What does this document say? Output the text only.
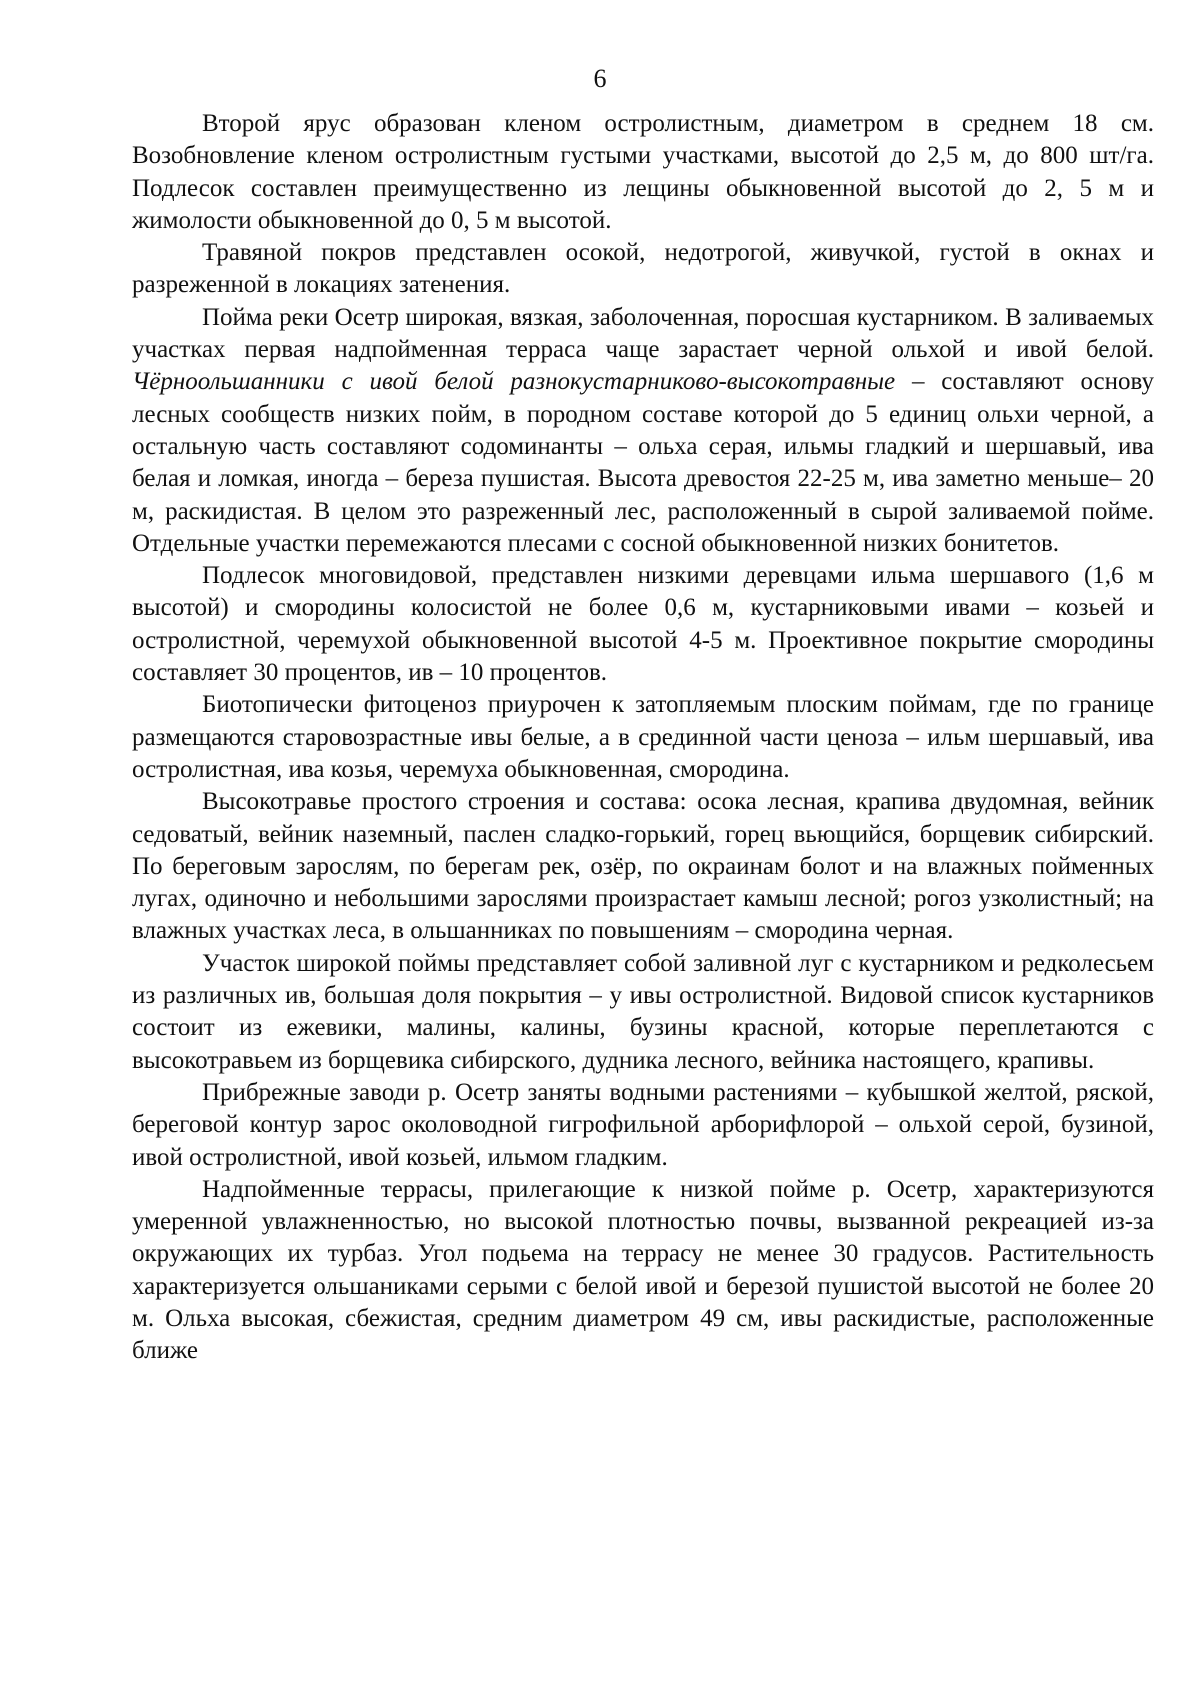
6

Второй ярус образован кленом остролистным, диаметром в среднем 18 см. Возобновление кленом остролистным густыми участками, высотой до 2,5 м, до 800 шт/га. Подлесок составлен преимущественно из лещины обыкновенной высотой до 2, 5 м и жимолости обыкновенной до 0, 5 м высотой.

Травяной покров представлен осокой, недотрогой, живучкой, густой в окнах и разреженной в локациях затенения.

Пойма реки Осетр широкая, вязкая, заболоченная, поросшая кустарником. В заливаемых участках первая надпойменная терраса чаще зарастает черной ольхой и ивой белой. Чёрноольшанники с ивой белой разнокустарниково-высокотравные – составляют основу лесных сообществ низких пойм, в породном составе которой до 5 единиц ольхи черной, а остальную часть составляют содоминанты – ольха серая, ильмы гладкий и шершавый, ива белая и ломкая, иногда – береза пушистая. Высота древостоя 22-25 м, ива заметно меньше– 20 м, раскидистая. В целом это разреженный лес, расположенный в сырой заливаемой пойме. Отдельные участки перемежаются плесами с сосной обыкновенной низких бонитетов.

Подлесок многовидовой, представлен низкими деревцами ильма шершавого (1,6 м высотой) и смородины колосистой не более 0,6 м, кустарниковыми ивами – козьей и остролистной, черемухой обыкновенной высотой 4-5 м. Проективное покрытие смородины составляет 30 процентов, ив – 10 процентов.

Биотопически фитоценоз приурочен к затопляемым плоским поймам, где по границе размещаются старовозрастные ивы белые, а в срединной части ценоза – ильм шершавый, ива остролистная, ива козья, черемуха обыкновенная, смородина.

Высокотравье простого строения и состава: осока лесная, крапива двудомная, вейник седоватый, вейник наземный, паслен сладко-горький, горец вьющийся, борщевик сибирский. По береговым зарослям, по берегам рек, озёр, по окраинам болот и на влажных пойменных лугах, одиночно и небольшими зарослями произрастает камыш лесной; рогоз узколистный; на влажных участках леса, в ольшанниках по повышениям – смородина черная.

Участок широкой поймы представляет собой заливной луг с кустарником и редколесьем из различных ив, большая доля покрытия – у ивы остролистной. Видовой список кустарников состоит из ежевики, малины, калины, бузины красной, которые переплетаются с высокотравьем из борщевика сибирского, дудника лесного, вейника настоящего, крапивы.

Прибрежные заводи р. Осетр заняты водными растениями – кубышкой желтой, ряской, береговой контур зарос околоводной гигрофильной арборифлорой – ольхой серой, бузиной, ивой остролистной, ивой козьей, ильмом гладким.

Надпойменные террасы, прилегающие к низкой пойме р. Осетр, характеризуются умеренной увлажненностью, но высокой плотностью почвы, вызванной рекреацией из-за окружающих их турбаз. Угол подьема на террасу не менее 30 градусов. Растительность характеризуется ольшаниками серыми с белой ивой и березой пушистой высотой не более 20 м. Ольха высокая, сбежистая, средним диаметром 49 см, ивы раскидистые, расположенные ближе
